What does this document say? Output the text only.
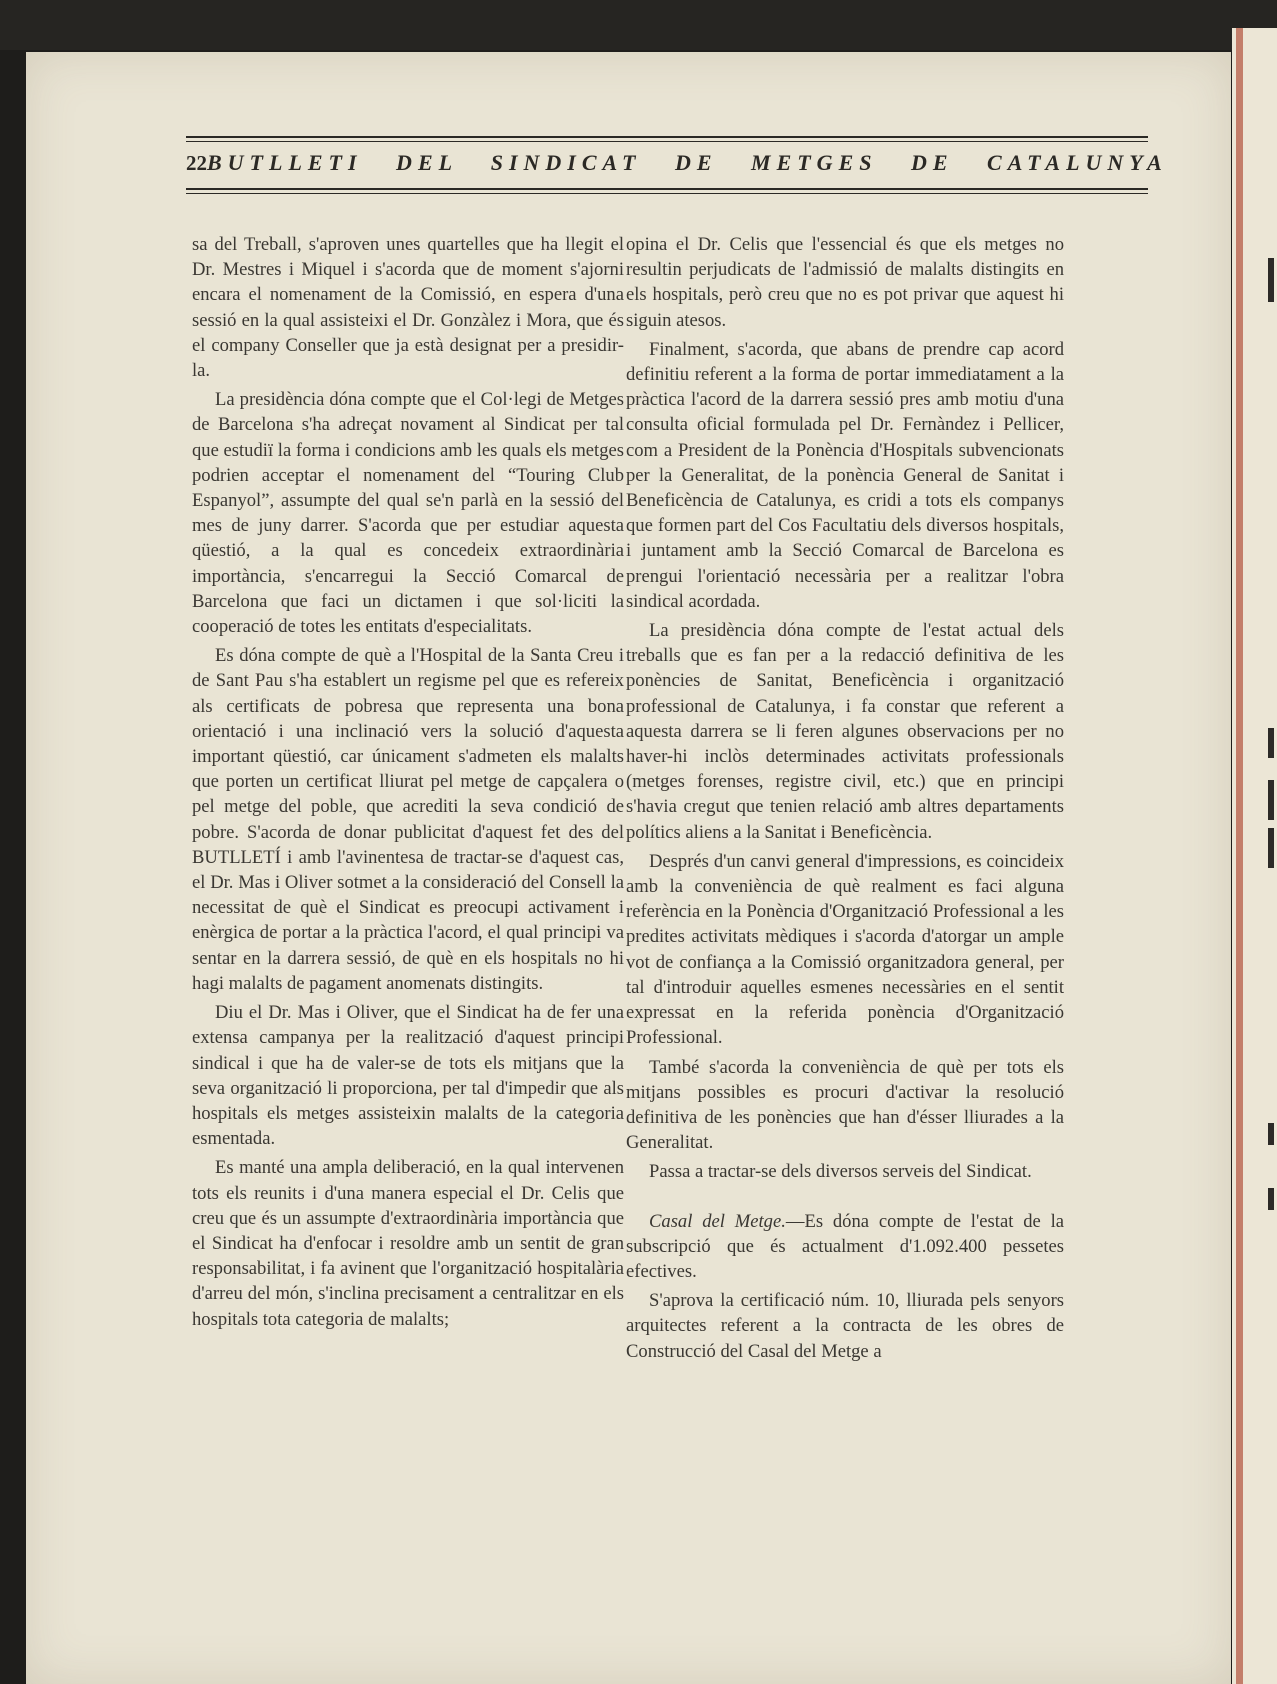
22 BUTLLETI DEL SINDICAT DE METGES DE CATALUNYA

sa del Treball, s'aproven unes quartelles que ha llegit el Dr. Mestres i Miquel i s'acorda que de moment s'ajorni encara el nomenament de la Comissió, en espera d'una sessió en la qual assisteixi el Dr. Gonzàlez i Mora, que és el company Conseller que ja està designat per a presidir-la.

La presidència dóna compte que el Col·legi de Metges de Barcelona s'ha adreçat novament al Sindicat per tal que estudiï la forma i condicions amb les quals els metges podrien acceptar el nomenament del “Touring Club Espanyol”, assumpte del qual se'n parlà en la sessió del mes de juny darrer. S'acorda que per estudiar aquesta qüestió, a la qual es concedeix extraordinària importància, s'encarregui la Secció Comarcal de Barcelona que faci un dictamen i que sol·liciti la cooperació de totes les entitats d'especialitats.

Es dóna compte de què a l'Hospital de la Santa Creu i de Sant Pau s'ha establert un regisme pel que es refereix als certificats de pobresa que representa una bona orientació i una inclinació vers la solució d'aquesta important qüestió, car únicament s'admeten els malalts que porten un certificat lliurat pel metge de capçalera o pel metge del poble, que acrediti la seva condició de pobre. S'acorda de donar publicitat d'aquest fet des del BUTLLETÍ i amb l'avinentesa de tractar-se d'aquest cas, el Dr. Mas i Oliver sotmet a la consideració del Consell la necessitat de què el Sindicat es preocupi activament i enèrgica de portar a la pràctica l'acord, el qual principi va sentar en la darrera sessió, de què en els hospitals no hi hagi malalts de pagament anomenats distingits.

Diu el Dr. Mas i Oliver, que el Sindicat ha de fer una extensa campanya per la realització d'aquest principi sindical i que ha de valer-se de tots els mitjans que la seva organització li proporciona, per tal d'impedir que als hospitals els metges assisteixin malalts de la categoria esmentada.

Es manté una ampla deliberació, en la qual intervenen tots els reunits i d'una manera especial el Dr. Celis que creu que és un assumpte d'extraordinària importància que el Sindicat ha d'enfocar i resoldre amb un sentit de gran responsabilitat, i fa avinent que l'organització hospitalària d'arreu del món, s'inclina precisament a centralitzar en els hospitals tota categoria de malalts;

opina el Dr. Celis que l'essencial és que els metges no resultin perjudicats de l'admissió de malalts distingits en els hospitals, però creu que no es pot privar que aquest hi siguin atesos.

Finalment, s'acorda, que abans de prendre cap acord definitiu referent a la forma de portar immediatament a la pràctica l'acord de la darrera sessió pres amb motiu d'una consulta oficial formulada pel Dr. Fernàndez i Pellicer, com a President de la Ponència d'Hospitals subvencionats per la Generalitat, de la ponència General de Sanitat i Beneficència de Catalunya, es cridi a tots els companys que formen part del Cos Facultatiu dels diversos hospitals, i juntament amb la Secció Comarcal de Barcelona es prengui l'orientació necessària per a realitzar l'obra sindical acordada.

La presidència dóna compte de l'estat actual dels treballs que es fan per a la redacció definitiva de les ponències de Sanitat, Beneficència i organització professional de Catalunya, i fa constar que referent a aquesta darrera se li feren algunes observacions per no haver-hi inclòs determinades activitats professionals (metges forenses, registre civil, etc.) que en principi s'havia cregut que tenien relació amb altres departaments polítics aliens a la Sanitat i Beneficència.

Després d'un canvi general d'impressions, es coincideix amb la conveniència de què realment es faci alguna referència en la Ponència d'Organització Professional a les predites activitats mèdiques i s'acorda d'atorgar un ample vot de confiança a la Comissió organitzadora general, per tal d'introduir aquelles esmenes necessàries en el sentit expressat en la referida ponència d'Organització Professional.

També s'acorda la conveniència de què per tots els mitjans possibles es procuri d'activar la resolució definitiva de les ponències que han d'ésser lliurades a la Generalitat.

Passa a tractar-se dels diversos serveis del Sindicat.

Casal del Metge.—Es dóna compte de l'estat de la subscripció que és actualment d'1.092.400 pessetes efectives.

S'aprova la certificació núm. 10, lliurada pels senyors arquitectes referent a la contracta de les obres de Construcció del Casal del Metge a
